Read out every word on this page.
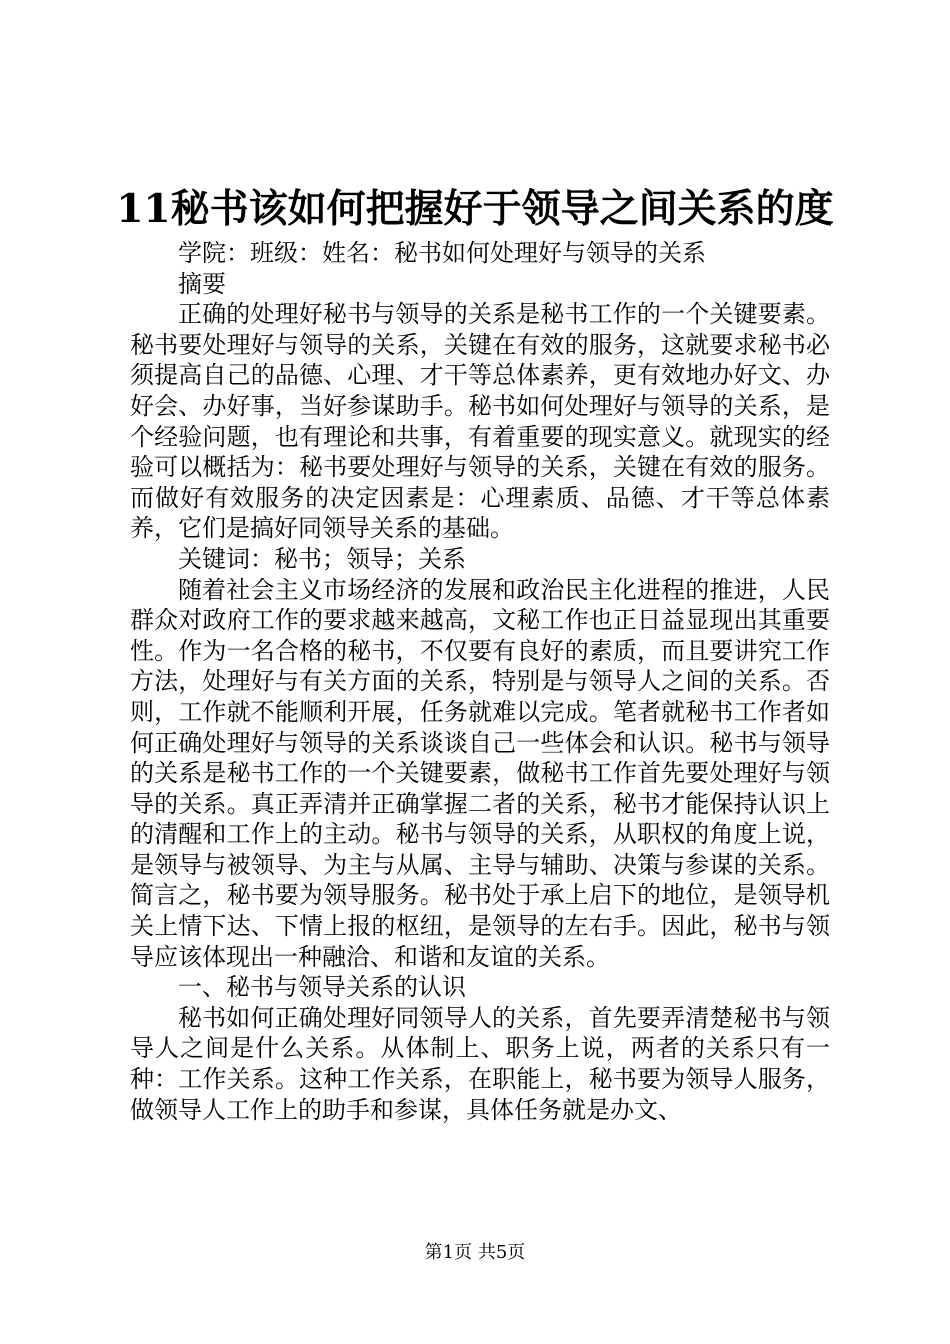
11秘书该如何把握好于领导之间关系的度

学院：班级：姓名：秘书如何处理好与领导的关系

摘要

正确的处理好秘书与领导的关系是秘书工作的一个关键要素。秘书要处理好与领导的关系，关键在有效的服务，这就要求秘书必须提高自己的品德、心理、才干等总体素养，更有效地办好文、办好会、办好事，当好参谋助手。秘书如何处理好与领导的关系，是个经验问题，也有理论和共事，有着重要的现实意义。就现实的经验可以概括为：秘书要处理好与领导的关系，关键在有效的服务。而做好有效服务的决定因素是：心理素质、品德、才干等总体素养，它们是搞好同领导关系的基础。

关键词：秘书；领导；关系

随着社会主义市场经济的发展和政治民主化进程的推进，人民群众对政府工作的要求越来越高，文秘工作也正日益显现出其重要性。作为一名合格的秘书，不仅要有良好的素质，而且要讲究工作方法，处理好与有关方面的关系，特别是与领导人之间的关系。否则，工作就不能顺利开展，任务就难以完成。笔者就秘书工作者如何正确处理好与领导的关系谈谈自己一些体会和认识。秘书与领导的关系是秘书工作的一个关键要素，做秘书工作首先要处理好与领导的关系。真正弄清并正确掌握二者的关系，秘书才能保持认识上的清醒和工作上的主动。秘书与领导的关系，从职权的角度上说，是领导与被领导、为主与从属、主导与辅助、决策与参谋的关系。简言之，秘书要为领导服务。秘书处于承上启下的地位，是领导机关上情下达、下情上报的枢纽，是领导的左右手。因此，秘书与领导应该体现出一种融洽、和谐和友谊的关系。

一、秘书与领导关系的认识

秘书如何正确处理好同领导人的关系，首先要弄清楚秘书与领导人之间是什么关系。从体制上、职务上说，两者的关系只有一种：工作关系。这种工作关系，在职能上，秘书要为领导人服务，做领导人工作上的助手和参谋，具体任务就是办文、

第1页 共5页
